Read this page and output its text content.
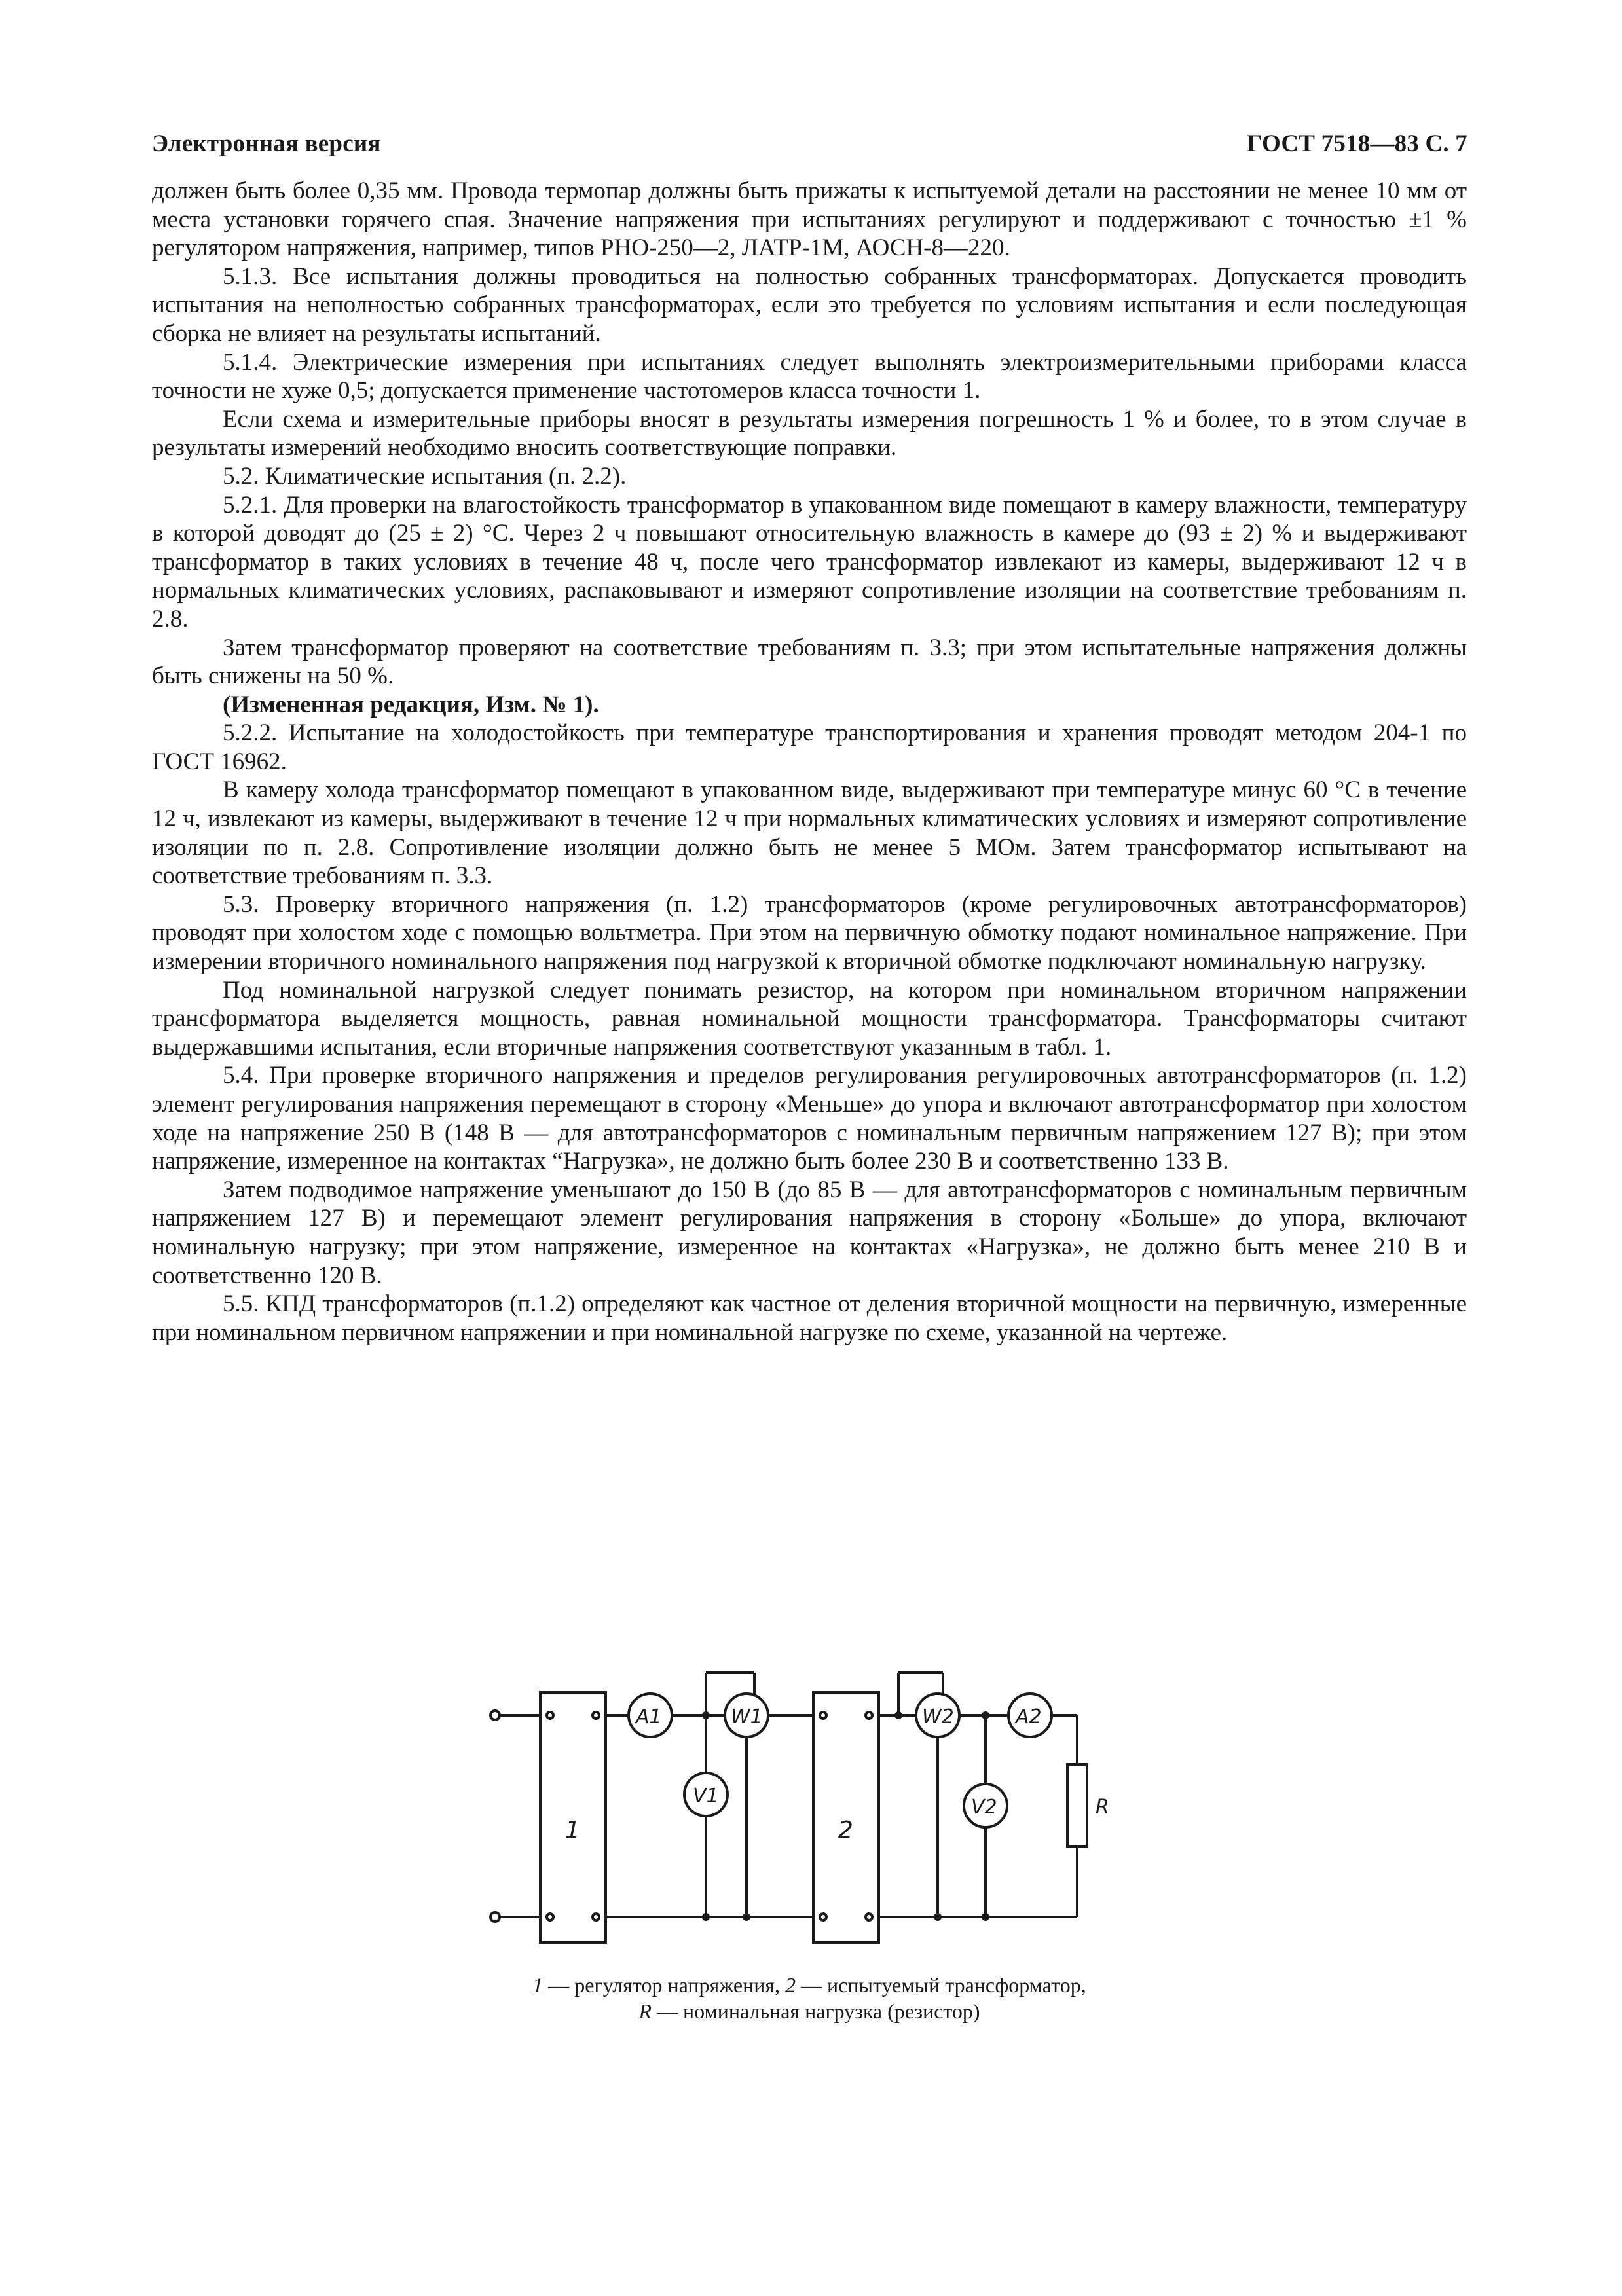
Электронная версия	ГОСТ 7518—83 С. 7

должен быть более 0,35 мм. Провода термопар должны быть прижаты к испытуемой детали на расстоянии не менее 10 мм от места установки горячего спая. Значение напряжения при испытаниях регулируют и поддерживают с точностью ±1 % регулятором напряжения, например, типов РНО-250—2, ЛАТР-1М, АОСН-8—220.

5.1.3. Все испытания должны проводиться на полностью собранных трансформаторах. Допускается проводить испытания на неполностью собранных трансформаторах, если это требуется по условиям испытания и если последующая сборка не влияет на результаты испытаний.

5.1.4. Электрические измерения при испытаниях следует выполнять электроизмерительными приборами класса точности не хуже 0,5; допускается применение частотомеров класса точности 1.

Если схема и измерительные приборы вносят в результаты измерения погрешность 1 % и более, то в этом случае в результаты измерений необходимо вносить соответствующие поправки.

5.2. Климатические испытания (п. 2.2).

5.2.1. Для проверки на влагостойкость трансформатор в упакованном виде помещают в камеру влажности, температуру в которой доводят до (25 ± 2) °С. Через 2 ч повышают относительную влажность в камере до (93 ± 2) % и выдерживают трансформатор в таких условиях в течение 48 ч, после чего трансформатор извлекают из камеры, выдерживают 12 ч в нормальных климатических условиях, распаковывают и измеряют сопротивление изоляции на соответствие требованиям п. 2.8.

Затем трансформатор проверяют на соответствие требованиям п. 3.3; при этом испытательные напряжения должны быть снижены на 50 %.

(Измененная редакция, Изм. № 1).

5.2.2. Испытание на холодостойкость при температуре транспортирования и хранения проводят методом 204-1 по ГОСТ 16962.

В камеру холода трансформатор помещают в упакованном виде, выдерживают при температуре минус 60 °С в течение 12 ч, извлекают из камеры, выдерживают в течение 12 ч при нормальных климатических условиях и измеряют сопротивление изоляции по п. 2.8. Сопротивление изоляции должно быть не менее 5 МОм. Затем трансформатор испытывают на соответствие требованиям п. 3.3.

5.3. Проверку вторичного напряжения (п. 1.2) трансформаторов (кроме регулировочных автотрансформаторов) проводят при холостом ходе с помощью вольтметра. При этом на первичную обмотку подают номинальное напряжение. При измерении вторичного номинального напряжения под нагрузкой к вторичной обмотке подключают номинальную нагрузку.

Под номинальной нагрузкой следует понимать резистор, на котором при номинальном вторичном напряжении трансформатора выделяется мощность, равная номинальной мощности трансформатора. Трансформаторы считают выдержавшими испытания, если вторичные напряжения соответствуют указанным в табл. 1.

5.4. При проверке вторичного напряжения и пределов регулирования регулировочных автотрансформаторов (п. 1.2) элемент регулирования напряжения перемещают в сторону «Меньше» до упора и включают автотрансформатор при холостом ходе на напряжение 250 В (148 В — для автотрансформаторов с номинальным первичным напряжением 127 В); при этом напряжение, измеренное на контактах “Нагрузка», не должно быть более 230 В и соответственно 133 В.

Затем подводимое напряжение уменьшают до 150 В (до 85 В — для автотрансформаторов с номинальным первичным напряжением 127 В) и перемещают элемент регулирования напряжения в сторону «Больше» до упора, включают номинальную нагрузку; при этом напряжение, измеренное на контактах «Нагрузка», не должно быть менее 210 В и соответственно 120 В.

5.5. КПД трансформаторов (п.1.2) определяют как частное от деления вторичной мощности на первичную, измеренные при номинальном первичном напряжении и при номинальной нагрузке по схеме, указанной на чертеже.

1	2
A1	W1
V1
W2	A2
V2	R
1 — регулятор напряжения, 2 — испытуемый трансформатор,
R — номинальная нагрузка (резистор)
